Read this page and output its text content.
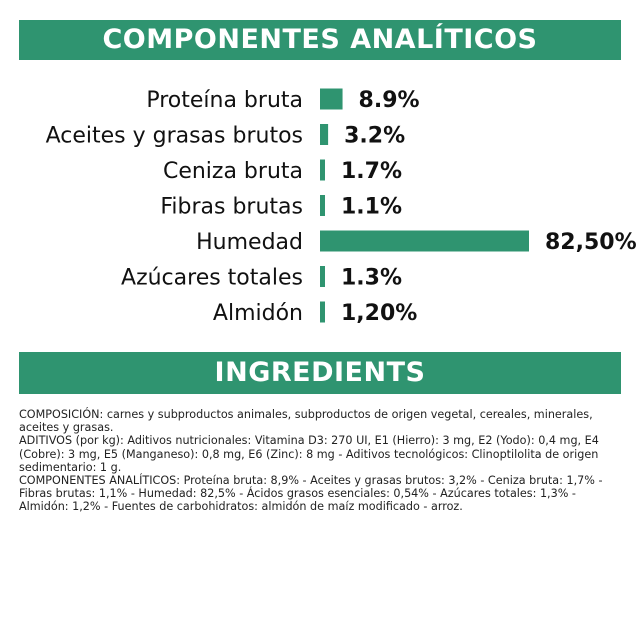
COMPONENTES ANALÍTICOS
Proteína bruta	8.9%
Aceites y grasas brutos 3.2%
Ceniza bruta 1.7%
Fibras brutas 1.1%
Humedad	82,50%
Azúcares totales 1.3%
Almidón 1,20%
INGREDIENTS

COMPOSICIÓN: carnes y subproductos animales, subproductos de origen vegetal, cereales, minerales, aceites y grasas.

ADITIVOS (por kg): Aditivos nutricionales: Vitamina D3: 270 UI, E1 (Hierro): 3 mg, E2 (Yodo): 0,4 mg, E4 (Cobre): 3 mg, E5 (Manganeso): 0,8 mg, E6 (Zinc): 8 mg - Aditivos tecnológicos: Clinoptilolita de origen sedimentario: 1 g.

COMPONENTES ANALÍTICOS: Proteína bruta: 8,9% - Aceites y grasas brutos: 3,2% - Ceniza bruta: 1,7% - Fibras brutas: 1,1% - Humedad: 82,5% - Ácidos grasos esenciales: 0,54% - Azúcares totales: 1,3% - Almidón: 1,2% - Fuentes de carbohidratos: almidón de maíz modificado - arroz.
